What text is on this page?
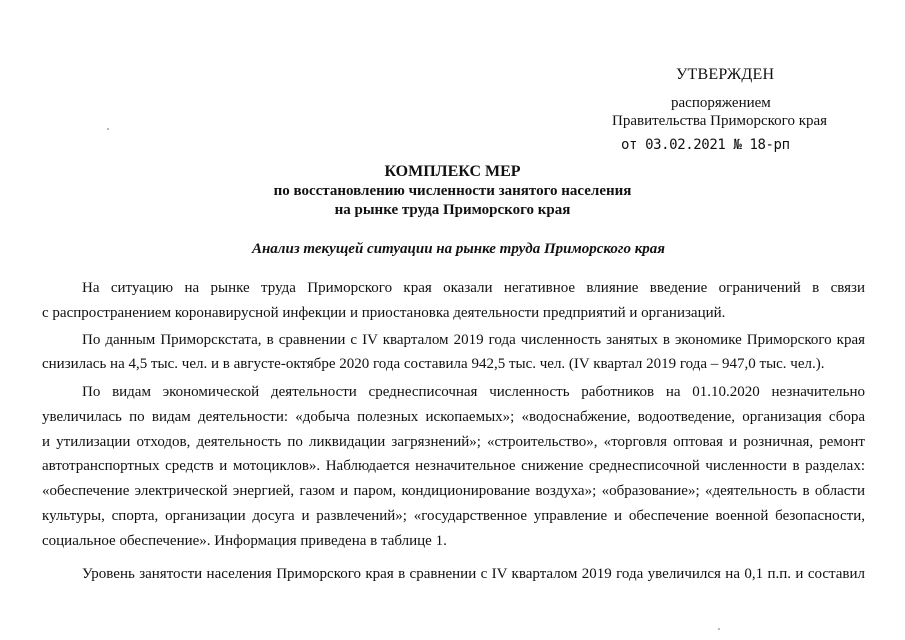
УТВЕРЖДЕН
распоряжением
Правительства Приморского края
от 03.02.2021 № 18-рп
КОМПЛЕКС МЕР
по восстановлению численности занятого населения
на рынке труда Приморского края
Анализ текущей ситуации на рынке труда Приморского края
На ситуацию на рынке труда Приморского края оказали негативное влияние введение ограничений в связи
с распространением коронавирусной инфекции и приостановка деятельности предприятий и организаций.
По данным Приморскстата, в сравнении с IV кварталом 2019 года численность занятых в экономике Приморского края
снизилась на 4,5 тыс. чел. и в августе-октябре 2020 года составила 942,5 тыс. чел. (IV квартал 2019 года – 947,0 тыс. чел.).
По видам экономической деятельности среднесписочная численность работников на 01.10.2020 незначительно
увеличилась по видам деятельности: «добыча полезных ископаемых»; «водоснабжение, водоотведение, организация сбора
и утилизации отходов, деятельность по ликвидации загрязнений»; «строительство», «торговля оптовая и розничная, ремонт
автотранспортных средств и мотоциклов». Наблюдается незначительное снижение среднесписочной численности в разделах:
«обеспечение электрической энергией, газом и паром, кондиционирование воздуха»; «образование»; «деятельность в области
культуры, спорта, организации досуга и развлечений»; «государственное управление и обеспечение военной безопасности,
социальное обеспечение». Информация приведена в таблице 1.
Уровень занятости населения Приморского края в сравнении с IV кварталом 2019 года увеличился на 0,1 п.п. и составил
